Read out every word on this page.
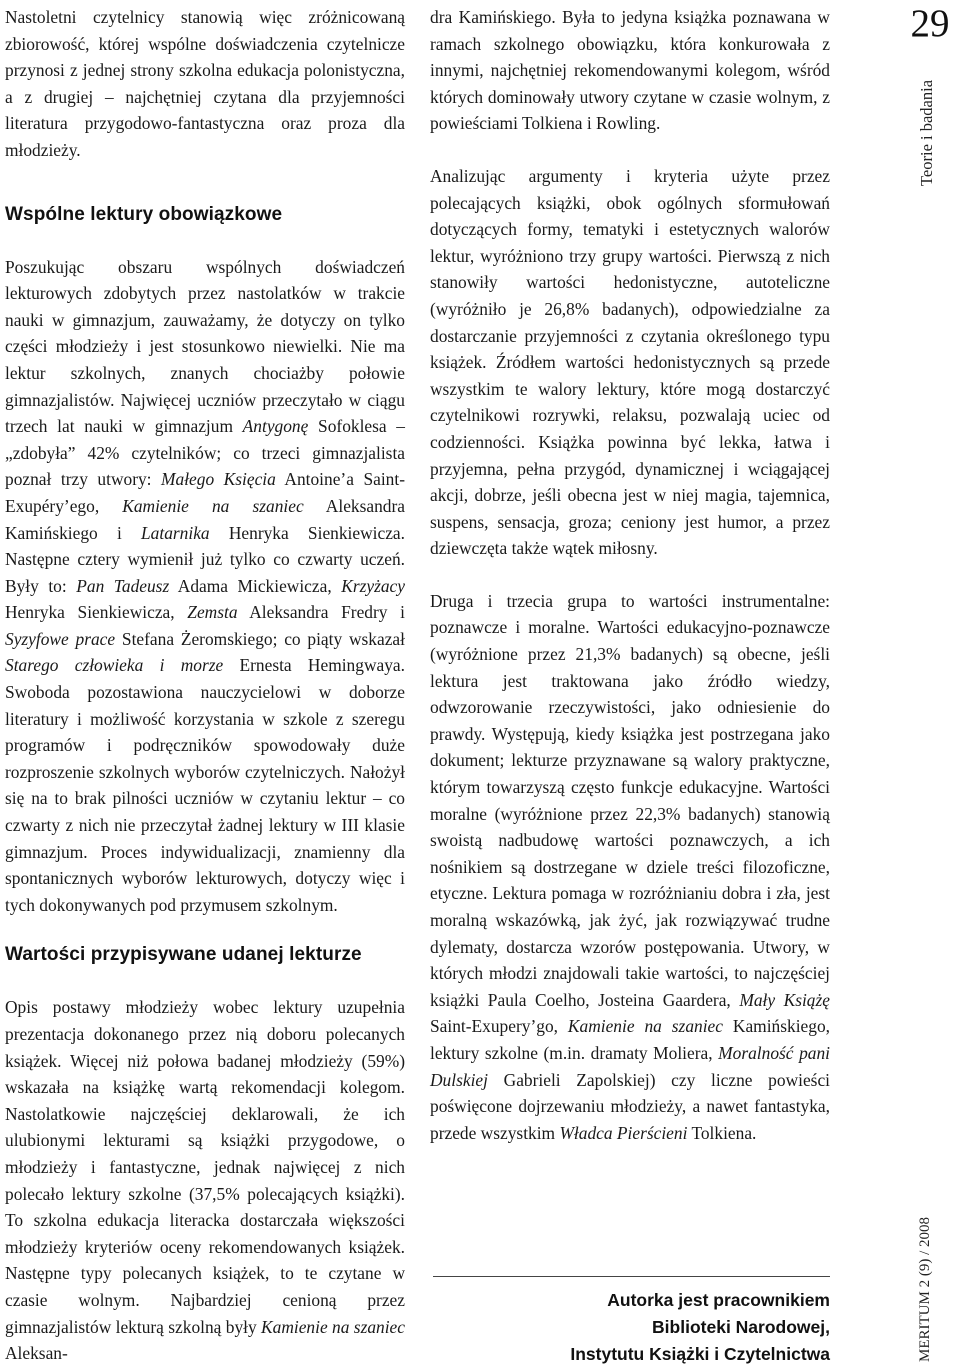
29
Teorie i badania
MERITUM 2 (9) / 2008

Nastoletni czytelnicy stanowią więc zróżnicowaną zbiorowość, której wspólne doświadczenia czytelnicze przynosi z jednej strony szkolna edukacja polonistyczna, a z drugiej – najchętniej czytana dla przyjemności literatura przygodowo-fantastyczna oraz proza dla młodzieży.

Wspólne lektury obowiązkowe

Poszukując obszaru wspólnych doświadczeń lekturowych zdobytych przez nastolatków w trakcie nauki w gimnazjum, zauważamy, że dotyczy on tylko części młodzieży i jest stosunkowo niewielki. Nie ma lektur szkolnych, znanych chociażby połowie gimnazjalistów. Najwięcej uczniów przeczytało w ciągu trzech lat nauki w gimnazjum Antygonę Sofoklesa – „zdobyła” 42% czytelników; co trzeci gimnazjalista poznał trzy utwory: Małego Księcia Antoine’a Saint-Exupéry’ego, Kamienie na szaniec Aleksandra Kamińskiego i Latarnika Henryka Sienkiewicza. Następne cztery wymienił już tylko co czwarty uczeń. Były to: Pan Tadeusz Adama Mickiewicza, Krzyżacy Henryka Sienkiewicza, Zemsta Aleksandra Fredry i Syzyfowe prace Stefana Żeromskiego; co piąty wskazał Starego człowieka i morze Ernesta Hemingwaya. Swoboda pozostawiona nauczycielowi w doborze literatury i możliwość korzystania w szkole z szeregu programów i podręczników spowodowały duże rozproszenie szkolnych wyborów czytelniczych. Nałożył się na to brak pilności uczniów w czytaniu lektur – co czwarty z nich nie przeczytał żadnej lektury w III klasie gimnazjum. Proces indywidualizacji, znamienny dla spontanicznych wyborów lekturowych, dotyczy więc i tych dokonywanych pod przymusem szkolnym.

Wartości przypisywane udanej lekturze

Opis postawy młodzieży wobec lektury uzupełnia prezentacja dokonanego przez nią doboru polecanych książek. Więcej niż połowa badanej młodzieży (59%) wskazała na książkę wartą rekomendacji kolegom. Nastolatkowie najczęściej deklarowali, że ich ulubionymi lekturami są książki przygodowe, o młodzieży i fantastyczne, jednak najwięcej z nich polecało lektury szkolne (37,5% polecających książki). To szkolna edukacja literacka dostarczała większości młodzieży kryteriów oceny rekomendowanych książek. Następne typy polecanych książek, to te czytane w czasie wolnym. Najbardziej cenioną przez gimnazjalistów lekturą szkolną były Kamienie na szaniec Aleksan-

dra Kamińskiego. Była to jedyna książka poznawana w ramach szkolnego obowiązku, która konkurowała z innymi, najchętniej rekomendowanymi kolegom, wśród których dominowały utwory czytane w czasie wolnym, z powieściami Tolkiena i Rowling.

Analizując argumenty i kryteria użyte przez polecających książki, obok ogólnych sformułowań dotyczących formy, tematyki i estetycznych walorów lektur, wyróżniono trzy grupy wartości. Pierwszą z nich stanowiły wartości hedonistyczne, autoteliczne (wyróżniło je 26,8% badanych), odpowiedzialne za dostarczanie przyjemności z czytania określonego typu książek. Źródłem wartości hedonistycznych są przede wszystkim te walory lektury, które mogą dostarczyć czytelnikowi rozrywki, relaksu, pozwalają uciec od codzienności. Książka powinna być lekka, łatwa i przyjemna, pełna przygód, dynamicznej i wciągającej akcji, dobrze, jeśli obecna jest w niej magia, tajemnica, suspens, sensacja, groza; ceniony jest humor, a przez dziewczęta także wątek miłosny.

Druga i trzecia grupa to wartości instrumentalne: poznawcze i moralne. Wartości edukacyjno-poznawcze (wyróżnione przez 21,3% badanych) są obecne, jeśli lektura jest traktowana jako źródło wiedzy, odwzorowanie rzeczywistości, jako odniesienie do prawdy. Występują, kiedy książka jest postrzegana jako dokument; lekturze przyznawane są walory praktyczne, którym towarzyszą często funkcje edukacyjne. Wartości moralne (wyróżnione przez 22,3% badanych) stanowią swoistą nadbudowę wartości poznawczych, a ich nośnikiem są dostrzegane w dziele treści filozoficzne, etyczne. Lektura pomaga w rozróżnianiu dobra i zła, jest moralną wskazówką, jak żyć, jak rozwiązywać trudne dylematy, dostarcza wzorów postępowania. Utwory, w których młodzi znajdowali takie wartości, to najczęściej książki Paula Coelho, Josteina Gaardera, Mały Książę Saint-Exupery’go, Kamienie na szaniec Kamińskiego, lektury szkolne (m.in. dramaty Moliera, Moralność pani Dulskiej Gabrieli Zapolskiej) czy liczne powieści poświęcone dojrzewaniu młodzieży, a nawet fantastyka, przede wszystkim Władca Pierścieni Tolkiena.

Autorka jest pracownikiem
Biblioteki Narodowej,
Instytutu Książki i Czytelnictwa
